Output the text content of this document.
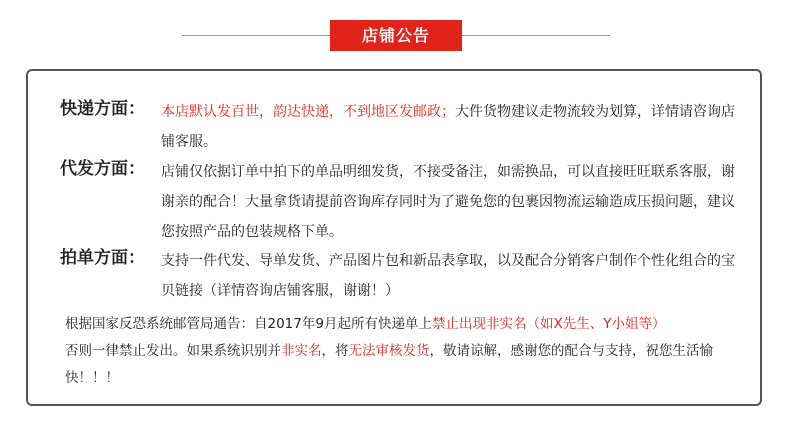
店铺公告
快递方面： 本店默认发百世，韵达快递，不到地区发邮政；大件货物建议走物流较为划算，详情请咨询店铺客服。
代发方面： 店铺仅依据订单中拍下的单品明细发货，不接受备注，如需换品，可以直接旺旺联系客服，谢谢亲的配合！大量拿货请提前咨询库存同时为了避免您的包裹因物流运输造成压损问题，建议您按照产品的包装规格下单。
拍单方面： 支持一件代发、导单发货、产品图片包和新品表拿取，以及配合分销客户制作个性化组合的宝贝链接（详情咨询店铺客服，谢谢！）
根据国家反恐系统邮管局通告：自2017年9月起所有快递单上禁止出现非实名（如X先生、Y小姐等）
否则一律禁止发出。如果系统识别并非实名，将无法审核发货，敬请谅解，感谢您的配合与支持，祝您生活愉快！！！
